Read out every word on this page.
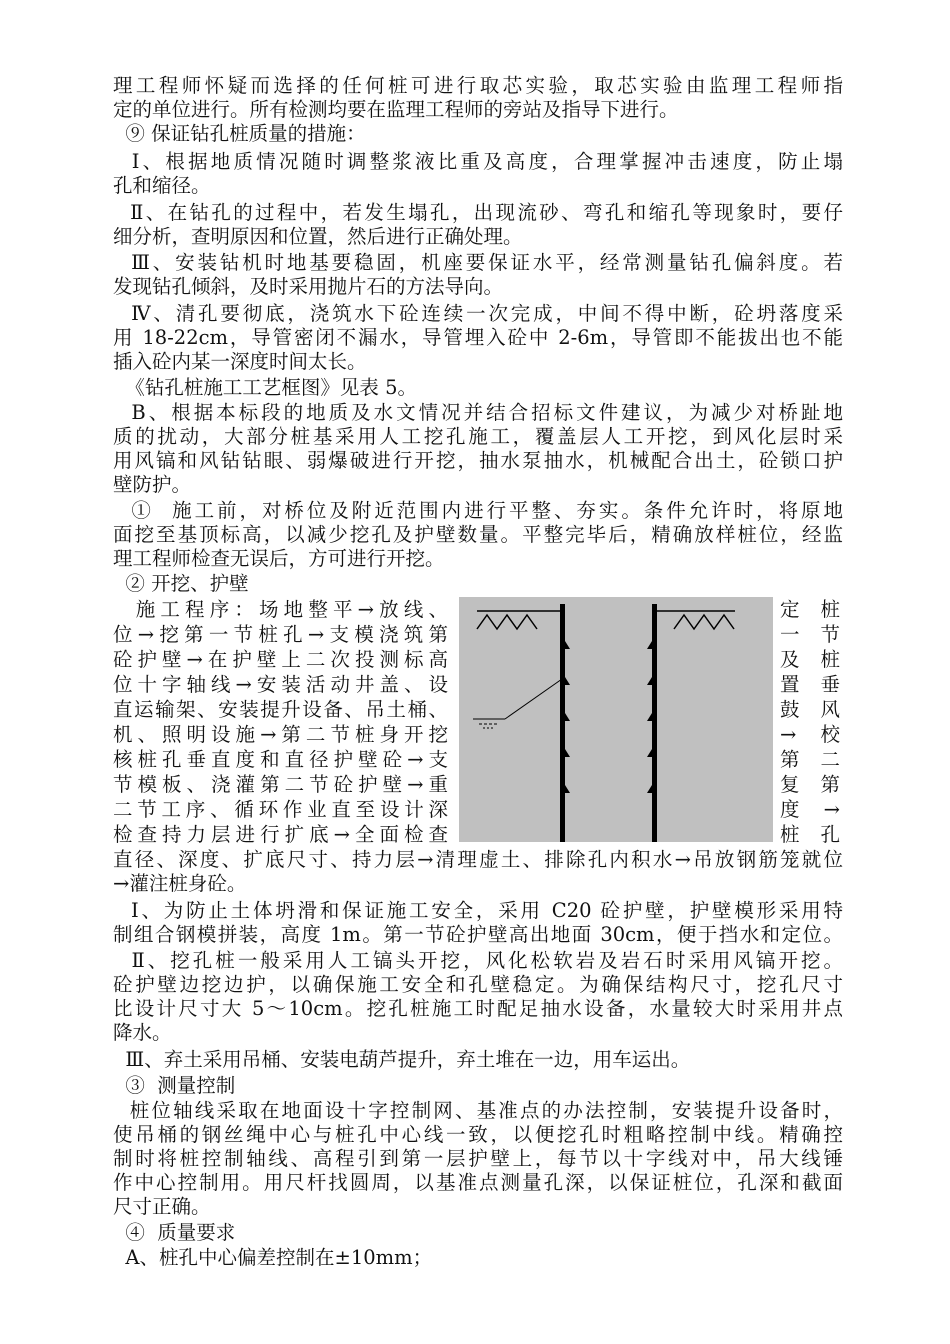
理工程师怀疑而选择的任何桩可进行取芯实验，取芯实验由监理工程师指
定的单位进行。所有检测均要在监理工程师的旁站及指导下进行。
⑨ 保证钻孔桩质量的措施：
Ⅰ、根据地质情况随时调整浆液比重及高度，合理掌握冲击速度，防止塌
孔和缩径。
Ⅱ、在钻孔的过程中，若发生塌孔，出现流砂、弯孔和缩孔等现象时，要仔
细分析，查明原因和位置，然后进行正确处理。
Ⅲ、安装钻机时地基要稳固，机座要保证水平，经常测量钻孔偏斜度。若
发现钻孔倾斜，及时采用抛片石的方法导向。
Ⅳ、清孔要彻底，浇筑水下砼连续一次完成，中间不得中断，砼坍落度采
用 18-22cm，导管密闭不漏水，导管埋入砼中 2-6m，导管即不能拔出也不能
插入砼内某一深度时间太长。
《钻孔桩施工工艺框图》见表 5。
B、根据本标段的地质及水文情况并结合招标文件建议，为减少对桥趾地
质的扰动，大部分桩基采用人工挖孔施工，覆盖层人工开挖，到风化层时采
用风镐和风钻钻眼、弱爆破进行开挖，抽水泵抽水，机械配合出土，砼锁口护
壁防护。
①  施工前，对桥位及附近范围内进行平整、夯实。条件允许时，将原地
面挖至基顶标高，以减少挖孔及护壁数量。平整完毕后，精确放样桩位，经监
理工程师检查无误后，方可进行开挖。
② 开挖、护壁
施工程序：场地整平→放线、
位→挖第一节桩孔→支模浇筑第
砼护壁→在护壁上二次投测标高
位十字轴线→安装活动井盖、设
直运输架、安装提升设备、吊土桶、
机、照明设施→第二节桩身开挖
核桩孔垂直度和直径护壁砼→支
节模板、浇灌第二节砼护壁→重
二节工序、循环作业直至设计深
检查持力层进行扩底→全面检查
定 桩
一 节
及 桩
置 垂
鼓 风
→ 校
第 二
复 第
度 →
桩 孔
直径、深度、扩底尺寸、持力层→清理虚土、排除孔内积水→吊放钢筋笼就位
→灌注桩身砼。
Ⅰ、为防止土体坍滑和保证施工安全，采用 C20 砼护壁，护壁模形采用特
制组合钢模拼装，高度 1m。第一节砼护壁高出地面 30cm，便于挡水和定位。
Ⅱ、挖孔桩一般采用人工镐头开挖，风化松软岩及岩石时采用风镐开挖。
砼护壁边挖边护，以确保施工安全和孔壁稳定。为确保结构尺寸，挖孔尺寸
比设计尺寸大 5～10cm。挖孔桩施工时配足抽水设备，水量较大时采用井点
降水。
Ⅲ、弃土采用吊桶、安装电葫芦提升，弃土堆在一边，用车运出。
③  测量控制
桩位轴线采取在地面设十字控制网、基准点的办法控制，安装提升设备时，
使吊桶的钢丝绳中心与桩孔中心线一致，以便挖孔时粗略控制中线。精确控
制时将桩控制轴线、高程引到第一层护壁上，每节以十字线对中，吊大线锤
作中心控制用。用尺杆找圆周，以基准点测量孔深，以保证桩位，孔深和截面
尺寸正确。
④  质量要求
A、桩孔中心偏差控制在±10mm；
